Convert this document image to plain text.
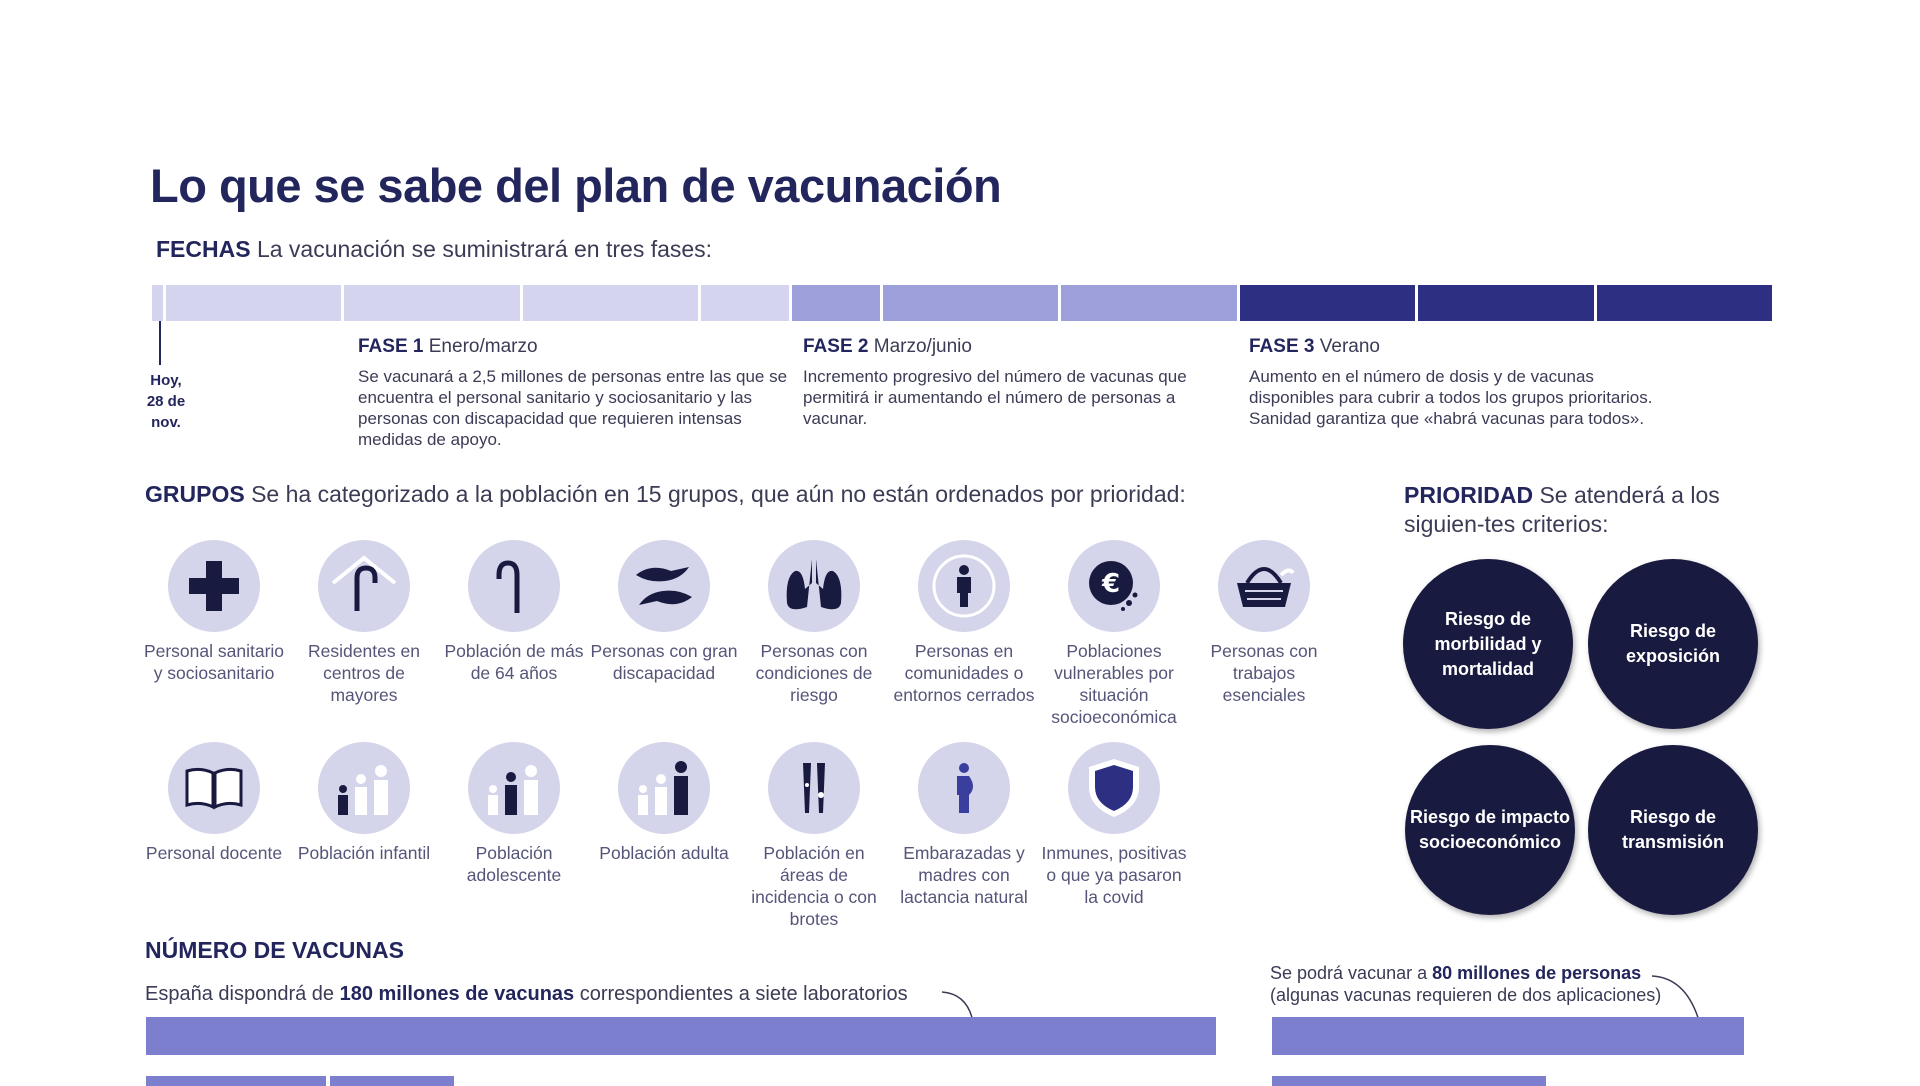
Lo que se sabe del plan de vacunación
FECHAS La vacunación se suministrará en tres fases:
Hoy, 28 de nov.
FASE 1 Enero/marzo
Se vacunará a 2,5 millones de personas entre las que se encuentra el personal sanitario y sociosanitario y las personas con discapacidad que requieren intensas medidas de apoyo.
FASE 2 Marzo/junio
Incremento progresivo del número de vacunas que permitirá ir aumentando el número de personas a vacunar.
FASE 3 Verano
Aumento en el número de dosis y de vacunas disponibles para cubrir a todos los grupos prioritarios. Sanidad garantiza que «habrá vacunas para todos».
GRUPOS Se ha categorizado a la población en 15 grupos, que aún no están ordenados por prioridad:
Personal sanitario y sociosanitario
Residentes en centros de mayores
Población de más de 64 años
Personas con gran discapacidad
Personas con condiciones de riesgo
Personas en comunidades o entornos cerrados
€
Poblaciones vulnerables por situación socioeconómica
Personas con trabajos esenciales
Personal docente Población infantil	Población adolescente
Población adulta	Población en áreas de incidencia o con brotes
Embarazadas y madres con lactancia natural
Inmunes, positivas o que ya pasaron la covid
PRIORIDAD Se atenderá a los siguien-tes criterios:
Riesgo de morbilidad y mortalidad
Riesgo de exposición
Riesgo de impacto socioeconómico
Riesgo de transmisión
NÚMERO DE VACUNAS
España dispondrá de 180 millones de vacunas correspondientes a siete laboratorios
Se podrá vacunar a 80 millones de personas
(algunas vacunas requieren de dos aplicaciones)
